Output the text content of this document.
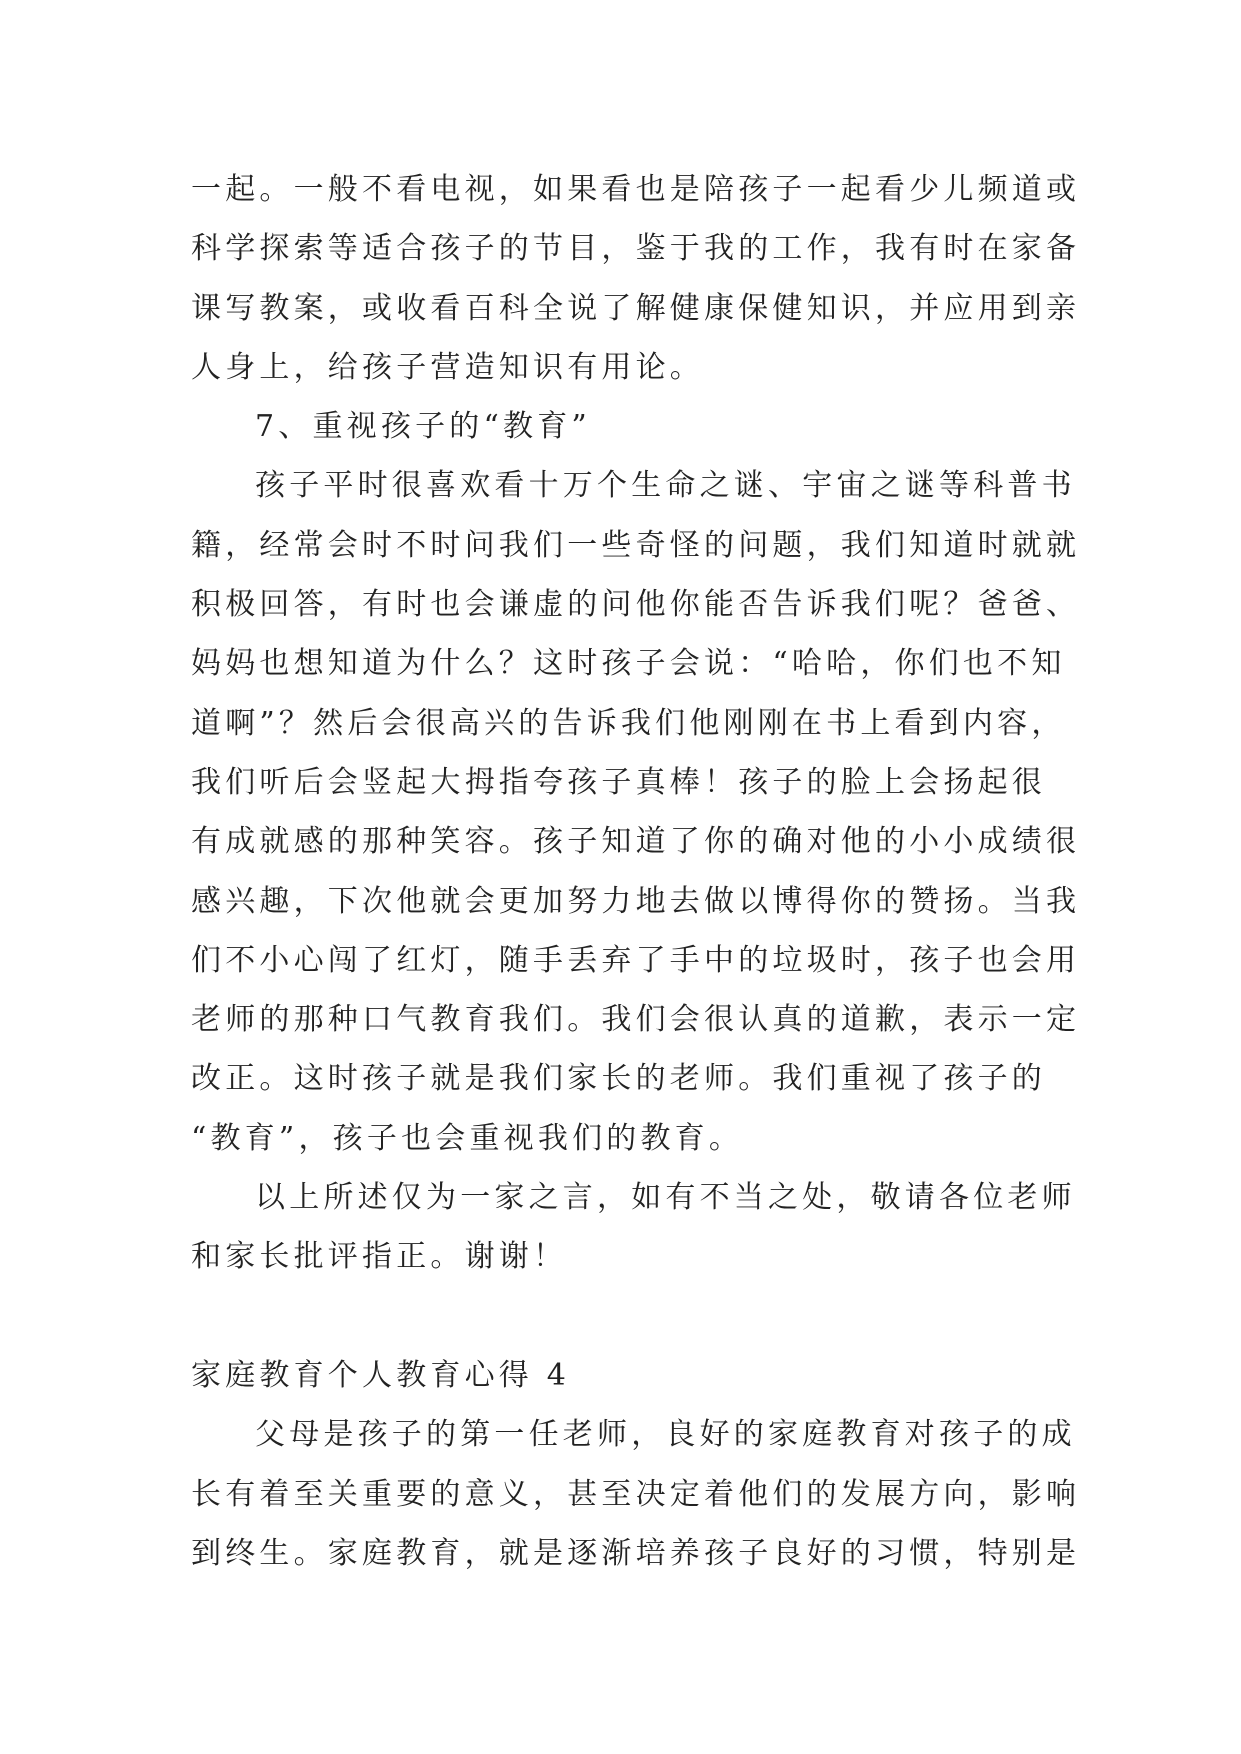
一起。一般不看电视，如果看也是陪孩子一起看少儿频道或
科学探索等适合孩子的节目，鉴于我的工作，我有时在家备
课写教案，或收看百科全说了解健康保健知识，并应用到亲
人身上，给孩子营造知识有用论。
7、重视孩子的“教育”
孩子平时很喜欢看十万个生命之谜、宇宙之谜等科普书
籍，经常会时不时问我们一些奇怪的问题，我们知道时就就
积极回答，有时也会谦虚的问他你能否告诉我们呢？爸爸、
妈妈也想知道为什么？这时孩子会说：“哈哈，你们也不知
道啊”？然后会很高兴的告诉我们他刚刚在书上看到内容，
我们听后会竖起大拇指夸孩子真棒！孩子的脸上会扬起很
有成就感的那种笑容。孩子知道了你的确对他的小小成绩很
感兴趣，下次他就会更加努力地去做以博得你的赞扬。当我
们不小心闯了红灯，随手丢弃了手中的垃圾时，孩子也会用
老师的那种口气教育我们。我们会很认真的道歉，表示一定
改正。这时孩子就是我们家长的老师。我们重视了孩子的
“教育”，孩子也会重视我们的教育。
以上所述仅为一家之言，如有不当之处，敬请各位老师
和家长批评指正。谢谢！
家庭教育个人教育心得 4
父母是孩子的第一任老师，良好的家庭教育对孩子的成
长有着至关重要的意义，甚至决定着他们的发展方向，影响
到终生。家庭教育，就是逐渐培养孩子良好的习惯，特别是
